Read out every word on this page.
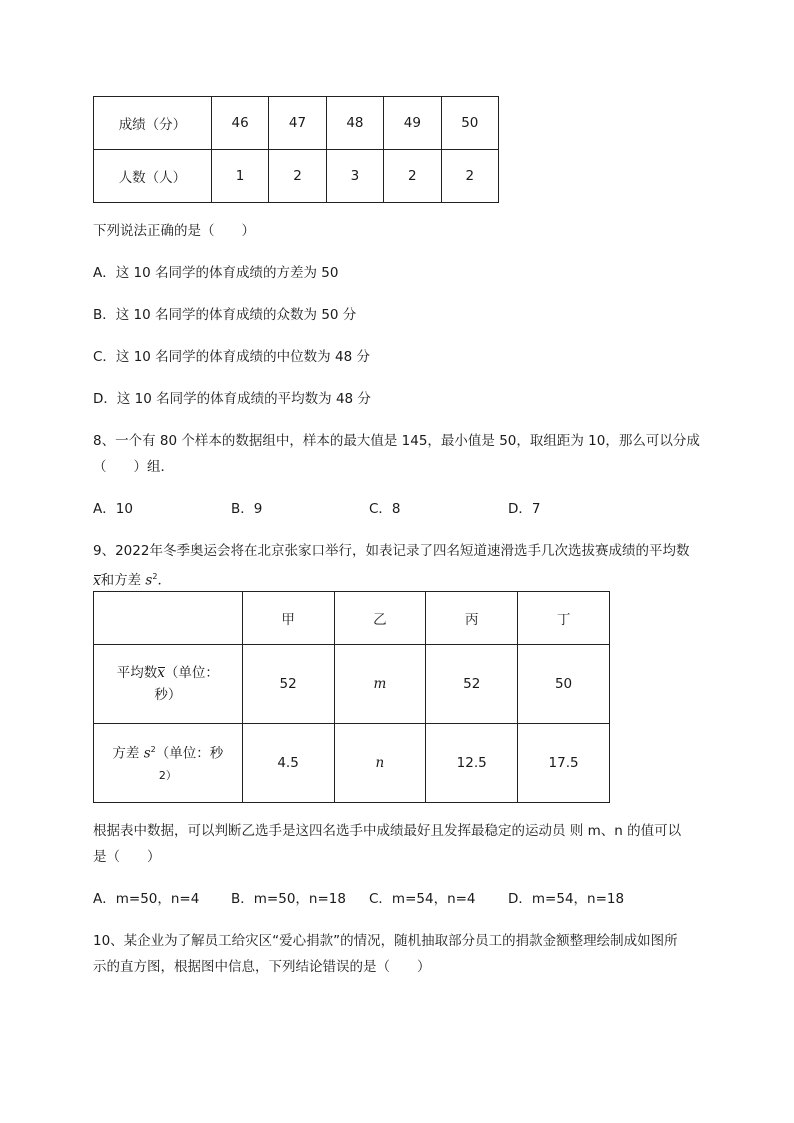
成绩（分）	46	47	48	49	50
人数（人）	1	2	3	2	2
下列说法正确的是（　　）
A．这 10 名同学的体育成绩的方差为 50
B．这 10 名同学的体育成绩的众数为 50 分
C．这 10 名同学的体育成绩的中位数为 48 分
D．这 10 名同学的体育成绩的平均数为 48 分
8、一个有 80 个样本的数据组中，样本的最大值是 145，最小值是 50，取组距为 10，那么可以分成
（　　）组．
A．10	B．9	C．8	D．7
9、2022年冬季奥运会将在北京张家口举行，如表记录了四名短道速滑选手几次选拔赛成绩的平均数
x和方差 $s^2$．
	甲	乙	丙	丁
平均数x（单位：
秒）	52	m	52	50
方差 $s^2$（单位：秒
2）	4.5	n	12.5	17.5
根据表中数据，可以判断乙选手是这四名选手中成绩最好且发挥最稳定的运动员 则 m、n 的值可以
是（　　）
A．m=50，n=4 B．m=50，n=18 C．m=54，n=4 D．m=54，n=18
10、某企业为了解员工给灾区“爱心捐款”的情况，随机抽取部分员工的捐款金额整理绘制成如图所
示的直方图，根据图中信息，下列结论错误的是（　　）
